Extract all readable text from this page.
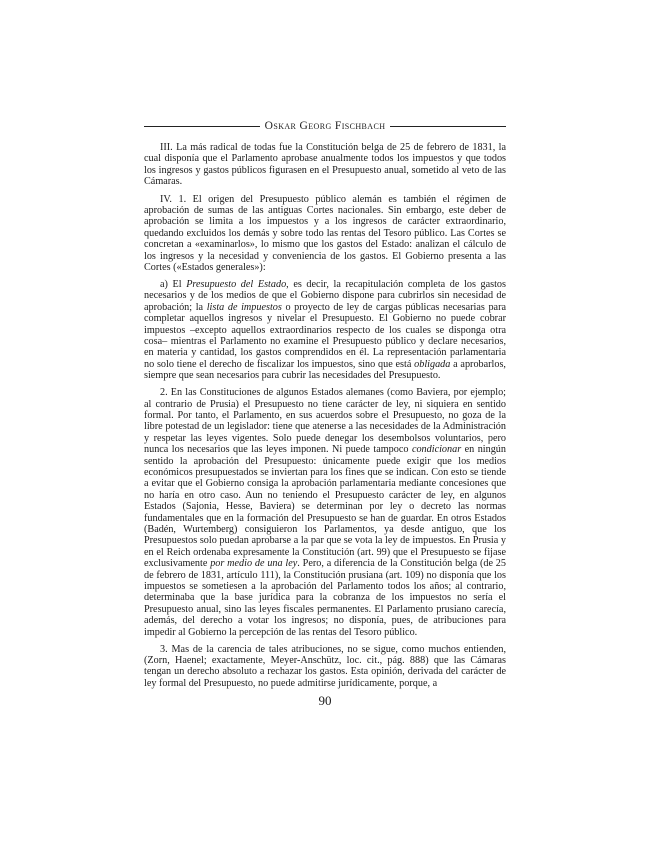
Oskar Georg Fischbach

III. La más radical de todas fue la Constitución belga de 25 de febrero de 1831, la cual disponía que el Parlamento aprobase anualmente todos los impuestos y que todos los ingresos y gastos públicos figurasen en el Presupuesto anual, sometido al veto de las Cámaras.

IV. 1. El origen del Presupuesto público alemán es también el régimen de aprobación de sumas de las antiguas Cortes nacionales. Sin embargo, este deber de aprobación se limita a los impuestos y a los ingresos de carácter extraordinario, quedando excluidos los demás y sobre todo las rentas del Tesoro público. Las Cortes se concretan a «examinarlos», lo mismo que los gastos del Estado: analizan el cálculo de los ingresos y la necesidad y conveniencia de los gastos. El Gobierno presenta a las Cortes («Estados generales»):

a) El Presupuesto del Estado, es decir, la recapitulación completa de los gastos necesarios y de los medios de que el Gobierno dispone para cubrirlos sin necesidad de aprobación; la lista de impuestos o proyecto de ley de cargas públicas necesarias para completar aquellos ingresos y nivelar el Presupuesto. El Gobierno no puede cobrar impuestos –excepto aquellos extraordinarios respecto de los cuales se disponga otra cosa– mientras el Parlamento no examine el Presupuesto público y declare necesarios, en materia y cantidad, los gastos comprendidos en él. La representación parlamentaria no solo tiene el derecho de fiscalizar los impuestos, sino que está obligada a aprobarlos, siempre que sean necesarios para cubrir las necesidades del Presupuesto.

2. En las Constituciones de algunos Estados alemanes (como Baviera, por ejemplo; al contrario de Prusia) el Presupuesto no tiene carácter de ley, ni siquiera en sentido formal. Por tanto, el Parlamento, en sus acuerdos sobre el Presupuesto, no goza de la libre potestad de un legislador: tiene que atenerse a las necesidades de la Administración y respetar las leyes vigentes. Solo puede denegar los desembolsos voluntarios, pero nunca los necesarios que las leyes imponen. Ni puede tampoco condicionar en ningún sentido la aprobación del Presupuesto: únicamente puede exigir que los medios económicos presupuestados se inviertan para los fines que se indican. Con esto se tiende a evitar que el Gobierno consiga la aprobación parlamentaria mediante concesiones que no haría en otro caso. Aun no teniendo el Presupuesto carácter de ley, en algunos Estados (Sajonia, Hesse, Baviera) se determinan por ley o decreto las normas fundamentales que en la formación del Presupuesto se han de guardar. En otros Estados (Badén, Wurtemberg) consiguieron los Parlamentos, ya desde antiguo, que los Presupuestos solo puedan aprobarse a la par que se vota la ley de impuestos. En Prusia y en el Reich ordenaba expresamente la Constitución (art. 99) que el Presupuesto se fijase exclusivamente por medio de una ley. Pero, a diferencia de la Constitución belga (de 25 de febrero de 1831, artículo 111), la Constitución prusiana (art. 109) no disponía que los impuestos se sometiesen a la aprobación del Parlamento todos los años; al contrario, determinaba que la base jurídica para la cobranza de los impuestos no sería el Presupuesto anual, sino las leyes fiscales permanentes. El Parlamento prusiano carecía, además, del derecho a votar los ingresos; no disponía, pues, de atribuciones para impedir al Gobierno la percepción de las rentas del Tesoro público.

3. Mas de la carencia de tales atribuciones, no se sigue, como muchos entienden, (Zorn, Haenel; exactamente, Meyer-Anschütz, loc. cit., pág. 888) que las Cámaras tengan un derecho absoluto a rechazar los gastos. Esta opinión, derivada del carácter de ley formal del Presupuesto, no puede admitirse jurídicamente, porque, a

90
